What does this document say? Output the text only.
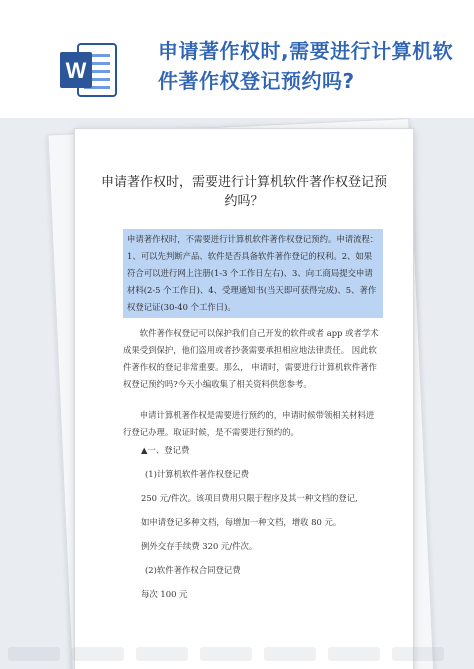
W
申请著作权时,需要进行计算机软件著作权登记预约吗?
申请著作权时，需要进行计算机软件著作权登记预约吗？

申请著作权时，不需要进行计算机软件著作权登记预约。申请流程： 1、可以先判断产品、软件是否具备软件著作登记的权利。2、如果符合可以进行网上注册(1-3 个工作日左右)、3、向工商局提交申请材料(2-5 个工作日)、4、受理通知书(当天即可获得完成)、5、著作权登记证(30-40 个工作日)。

软件著作权登记可以保护我们自己开发的软件或者 app 或者学术成果受到保护，他们盗用或者抄袭需要承担相应地法律责任。 因此软件著作权的登记非常重要。那么， 申请时，需要进行计算机软件著作权登记预约吗?今天小编收集了相关资料供您参考。

申请计算机著作权是需要进行预约的，申请时候带领相关材料进行登记办理。取证时候，是不需要进行预约的。

▲一、登记费
(1)计算机软件著作权登记费
250 元/件次。该项目费用只限于程序及其一种文档的登记,
如申请登记多种文档，每增加一种文档，增收 80 元。
例外交存手续费 320 元/件次。
(2)软件著作权合同登记费
每次 100 元
